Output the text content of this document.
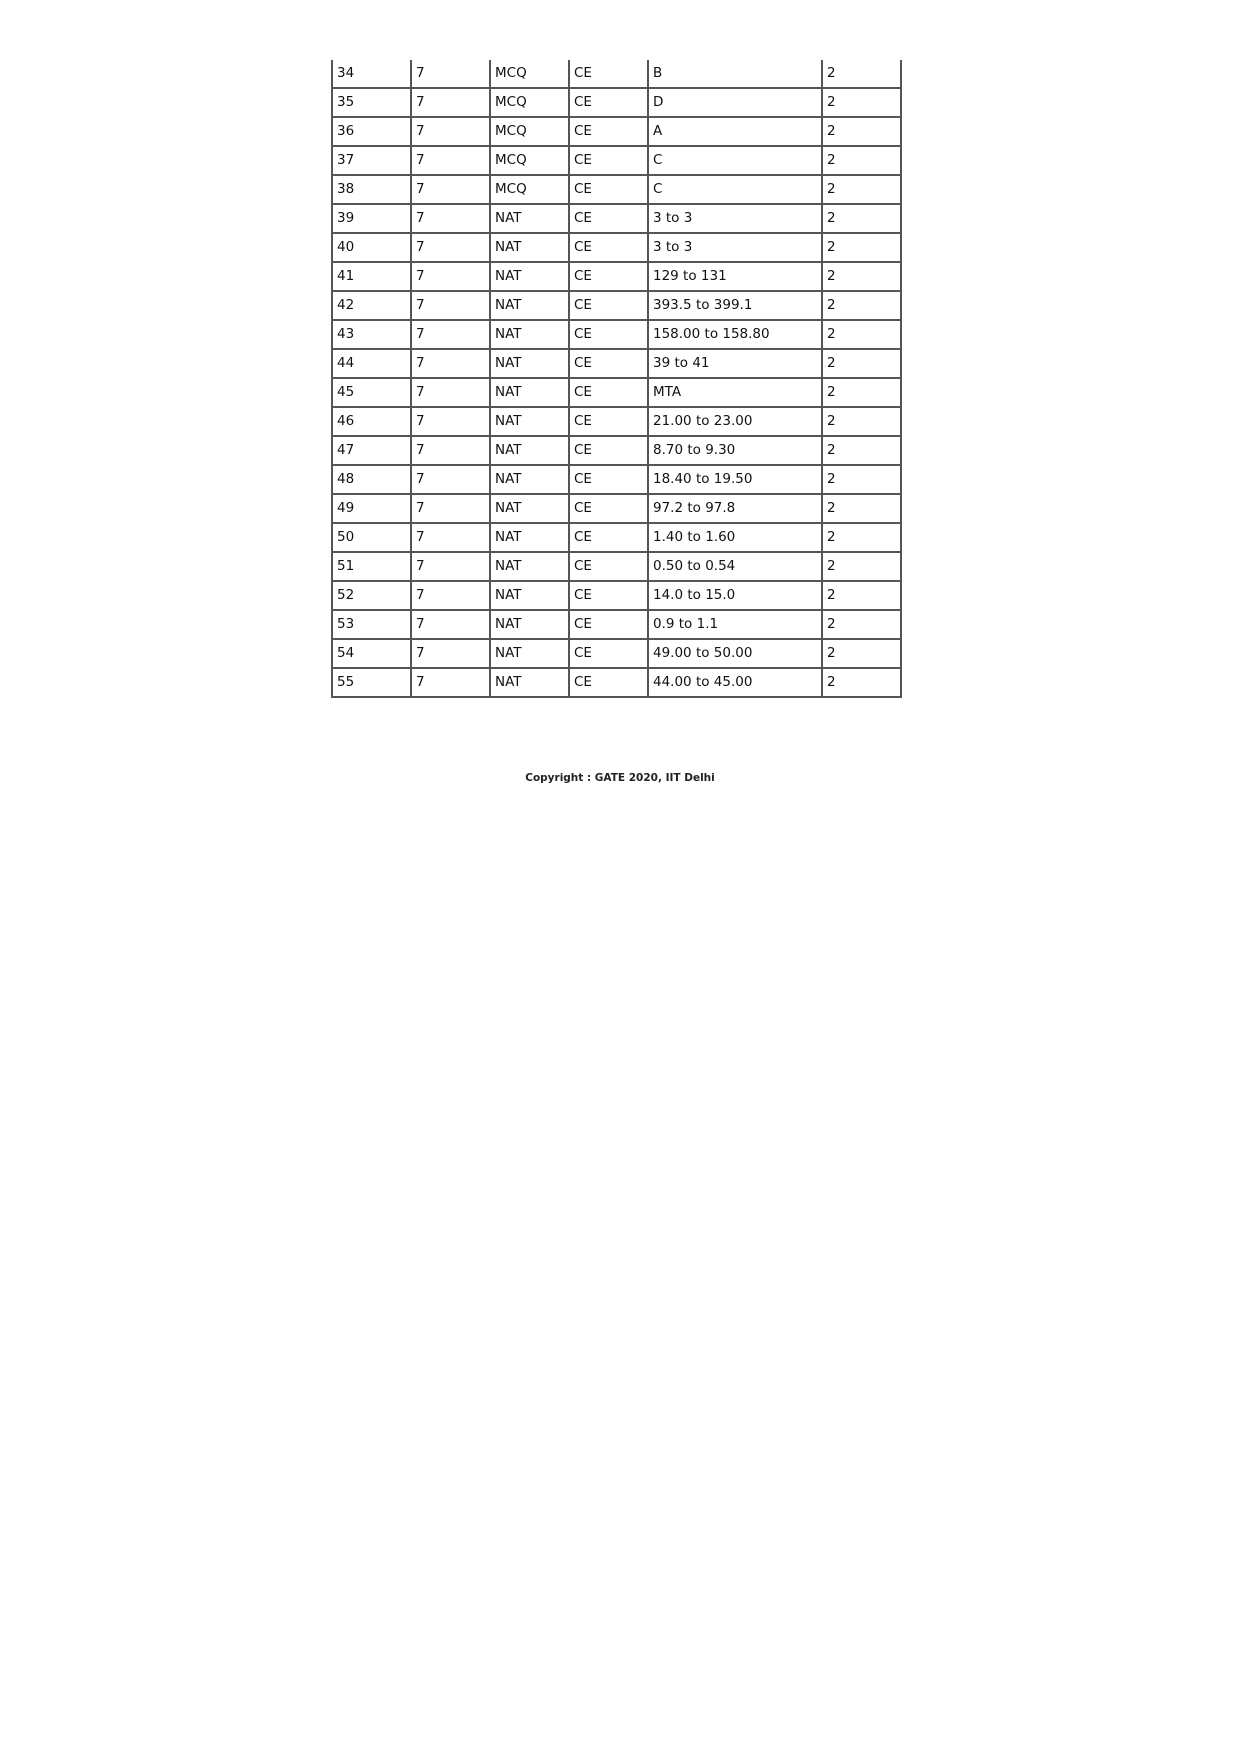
34	7	MCQ	CE	B	2
35	7	MCQ	CE	D	2
36	7	MCQ	CE	A	2
37	7	MCQ	CE	C	2
38	7	MCQ	CE	C	2
39	7	NAT	CE	3 to 3	2
40	7	NAT	CE	3 to 3	2
41	7	NAT	CE	129 to 131	2
42	7	NAT	CE	393.5 to 399.1	2
43	7	NAT	CE	158.00 to 158.80	2
44	7	NAT	CE	39 to 41	2
45	7	NAT	CE	MTA	2
46	7	NAT	CE	21.00 to 23.00	2
47	7	NAT	CE	8.70 to 9.30	2
48	7	NAT	CE	18.40 to 19.50	2
49	7	NAT	CE	97.2 to 97.8	2
50	7	NAT	CE	1.40 to 1.60	2
51	7	NAT	CE	0.50 to 0.54	2
52	7	NAT	CE	14.0 to 15.0	2
53	7	NAT	CE	0.9 to 1.1	2
54	7	NAT	CE	49.00 to 50.00	2
55	7	NAT	CE	44.00 to 45.00	2
Copyright : GATE 2020, IIT Delhi
